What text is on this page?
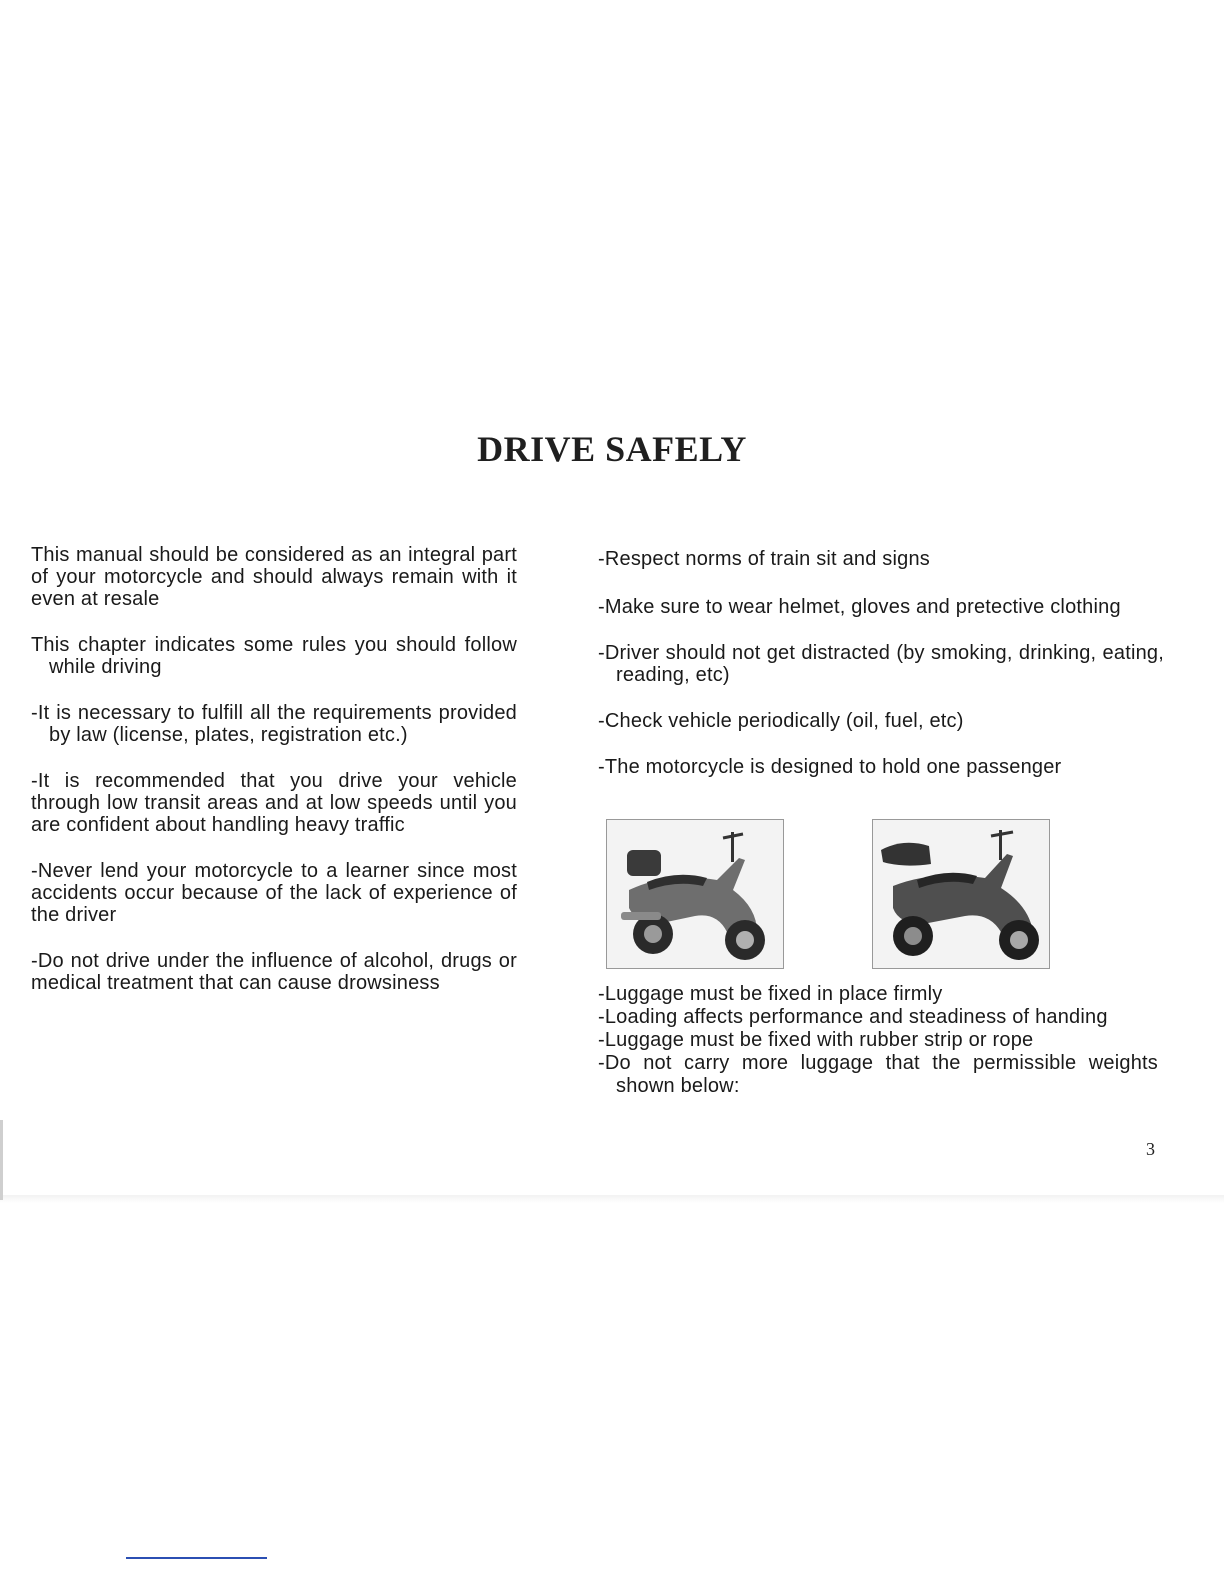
DRIVE SAFELY

This manual should be considered as an integral part of your motorcycle and should always remain with it even at resale

This chapter indicates some rules you should follow while driving

-It is necessary to fulfill all the requirements provided by law (license, plates, registration etc.)

-It is recommended that you drive your vehicle through low transit areas and at low speeds until you are confident about handling heavy traffic

-Never lend your motorcycle to a learner since most accidents occur because of the lack of experience of the driver

-Do not drive under the influence of alcohol, drugs or medical treatment that can cause drowsiness

-Respect norms of train sit and signs

-Make sure to wear helmet, gloves and pretective clothing

-Driver should not get distracted (by smoking, drinking, eating, reading, etc)

-Check vehicle periodically (oil, fuel, etc)

-The motorcycle is designed to hold one passenger

-Luggage must be fixed in place firmly

-Loading affects performance and steadiness of handing

-Luggage must be fixed with rubber strip or rope

-Do not carry more luggage that the permissible weights shown below:

3
